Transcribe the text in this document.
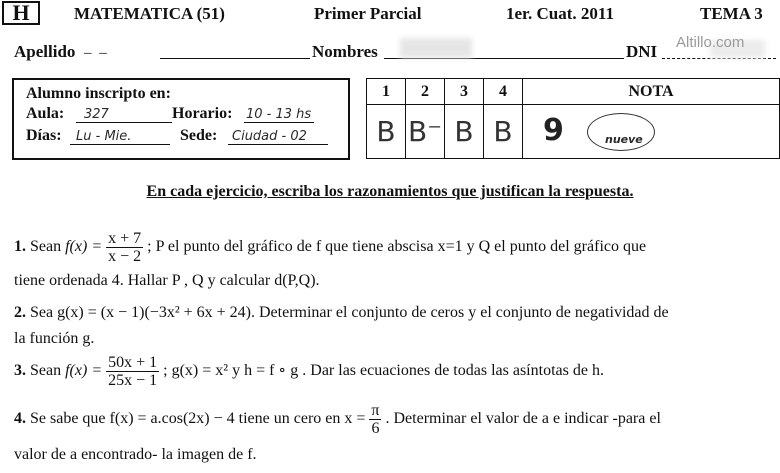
H	MATEMATICA (51)	Primer Parcial	1er. Cuat. 2011	TEMA 3
Apellido _ _	Nombres	DNI Altillo.com
Alumno inscripto en:
Aula: 327	Horario: 10 - 13 hs
Días: Lu - Mie.	Sede: Ciudad - 02
1	2	3	4	NOTA
B	B⁻	B	B	9 nueve
En cada ejercicio, escriba los razonamientos que justifican la respuesta.
1. Sean $f(x) = \frac{x + 7}{x - 2}$ ; P el punto del gráfico de f que tiene abscisa x=1 y Q el punto del gráfico que
tiene ordenada 4. Hallar P , Q y calcular d(P,Q).
2. Sea g(x) = (x − 1)(−3x² + 6x + 24). Determinar el conjunto de ceros y el conjunto de negatividad de
la función g.
3. Sean $f(x) = \frac{50x + 1}{25x - 1}$ ; g(x) = x² y h = f ∘ g . Dar las ecuaciones de todas las asíntotas de h.
4. Se sabe que f(x) = a.cos(2x) − 4 tiene un cero en $x = \frac{\pi}{6}$ . Determinar el valor de a e indicar -para el
valor de a encontrado- la imagen de f.
